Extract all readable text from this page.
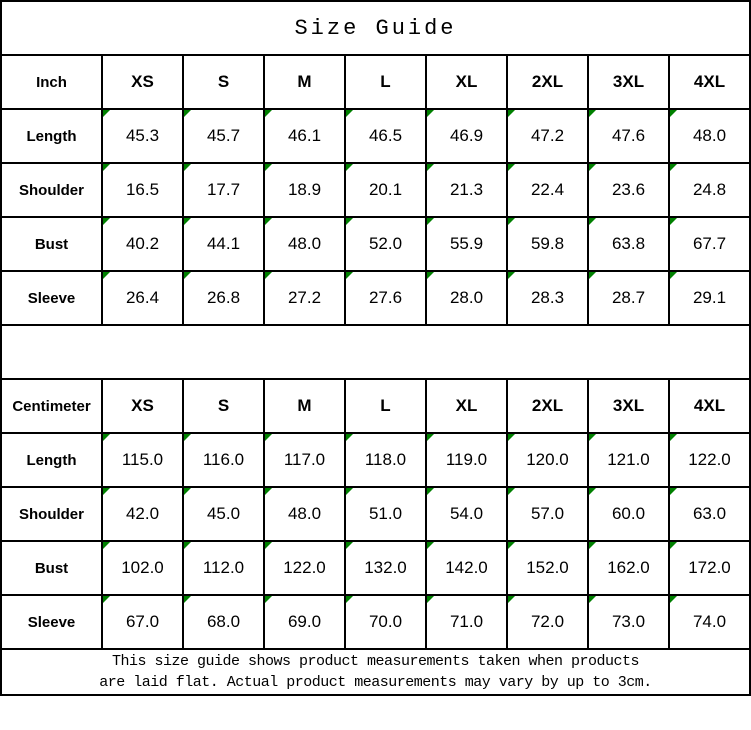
Size Guide								
Inch	XS	S	M	L	XL	2XL	3XL	4XL
Length	45.3	45.7	46.1	46.5	46.9	47.2	47.6	48.0

Shoulder	16.5	17.7	18.9	20.1	21.3	22.4	23.6	24.8

Bust	40.2	44.1	48.0	52.0	55.9	59.8	63.8	67.7

Sleeve	26.4	26.8	27.2	27.6	28.0	28.3	28.7	29.1

Centimeter	XS	S	M	L	XL	2XL	3XL	4XL
Length	115.0	116.0	117.0	118.0	119.0	120.0	121.0	122.0

Shoulder	42.0	45.0	48.0	51.0	54.0	57.0	60.0	63.0

Bust	102.0	112.0	122.0	132.0	142.0	152.0	162.0	172.0

Sleeve	67.0	68.0	69.0	70.0	71.0	72.0	73.0	74.0

This size guide shows product measurements taken when products
are laid flat. Actual product measurements may vary by up to 3cm.								
